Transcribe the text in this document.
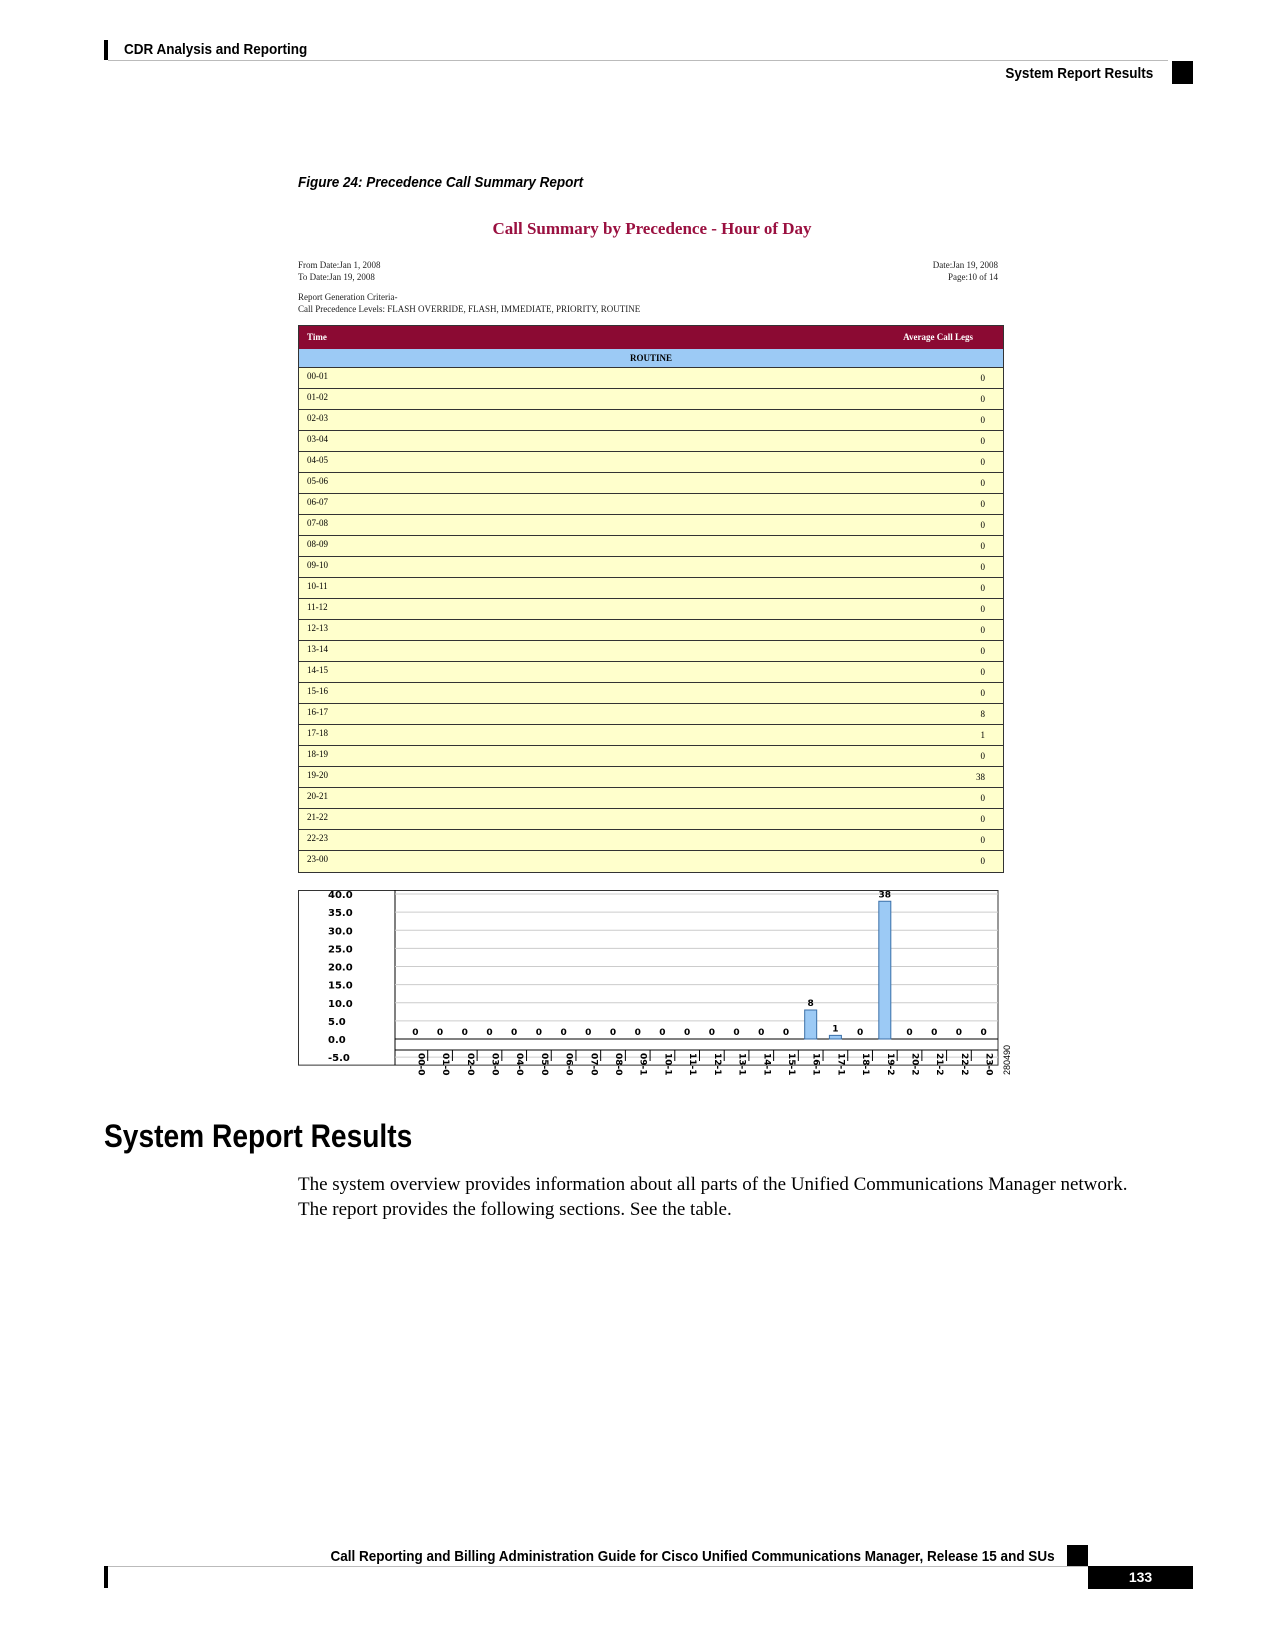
CDR Analysis and Reporting
System Report Results
Figure 24: Precedence Call Summary Report
Call Summary by Precedence - Hour of Day
From Date:Jan 1, 2008
To Date:Jan 19, 2008
Date:Jan 19, 2008
Page:10 of 14
Report Generation Criteria-
Call Precedence Levels: FLASH OVERRIDE, FLASH, IMMEDIATE, PRIORITY, ROUTINE
Time	Average Call Legs
ROUTINE
00-01	0
01-02	0
02-03	0
03-04	0
04-05	0
05-06	0
06-07	0
07-08	0
08-09	0
09-10	0
10-11	0
11-12	0
12-13	0
13-14	0
14-15	0
15-16	0
16-17	8
17-18	1
18-19	0
19-20	38
20-21	0
21-22	0
22-23	0
23-00	0
40.0
35.0
30.0
25.0
20.0
15.0
10.0
5.0
0.0
-5.0
0
00-0
0
01-0
0
02-0
0
03-0
0
04-0
0
05-0
0
06-0
0
07-0
0
08-0
0
09-1
0
10-1
0
11-1
0
12-1
0
13-1
0
14-1
0
15-1
8
16-1
1
17-1
0
18-1
38
19-2
0
20-2
0
21-2
0
22-2
0
23-0 280490
System Report Results
The system overview provides information about all parts of the Unified Communications Manager network.
The report provides the following sections. See the table.
Call Reporting and Billing Administration Guide for Cisco Unified Communications Manager, Release 15 and SUs
133
